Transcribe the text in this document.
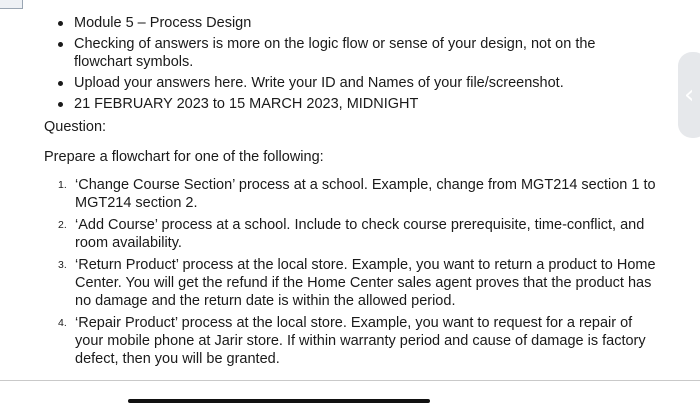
Module 5 – Process Design
Checking of answers is more on the logic flow or sense of your design, not on the flowchart symbols.
Upload your answers here. Write your ID and Names of your file/screenshot.
21 FEBRUARY 2023 to 15 MARCH 2023, MIDNIGHT
Question:
Prepare a flowchart for one of the following:
1. ‘Change Course Section’ process at a school. Example, change from MGT214 section 1 to MGT214 section 2.
2. ‘Add Course’ process at a school. Include to check course prerequisite, time-conflict, and room availability.
3. ‘Return Product’ process at the local store. Example, you want to return a product to Home Center. You will get the refund if the Home Center sales agent proves that the product has no damage and the return date is within the allowed period.
4. ‘Repair Product’ process at the local store. Example, you want to request for a repair of your mobile phone at Jarir store. If within warranty period and cause of damage is factory defect, then you will be granted.
‹
